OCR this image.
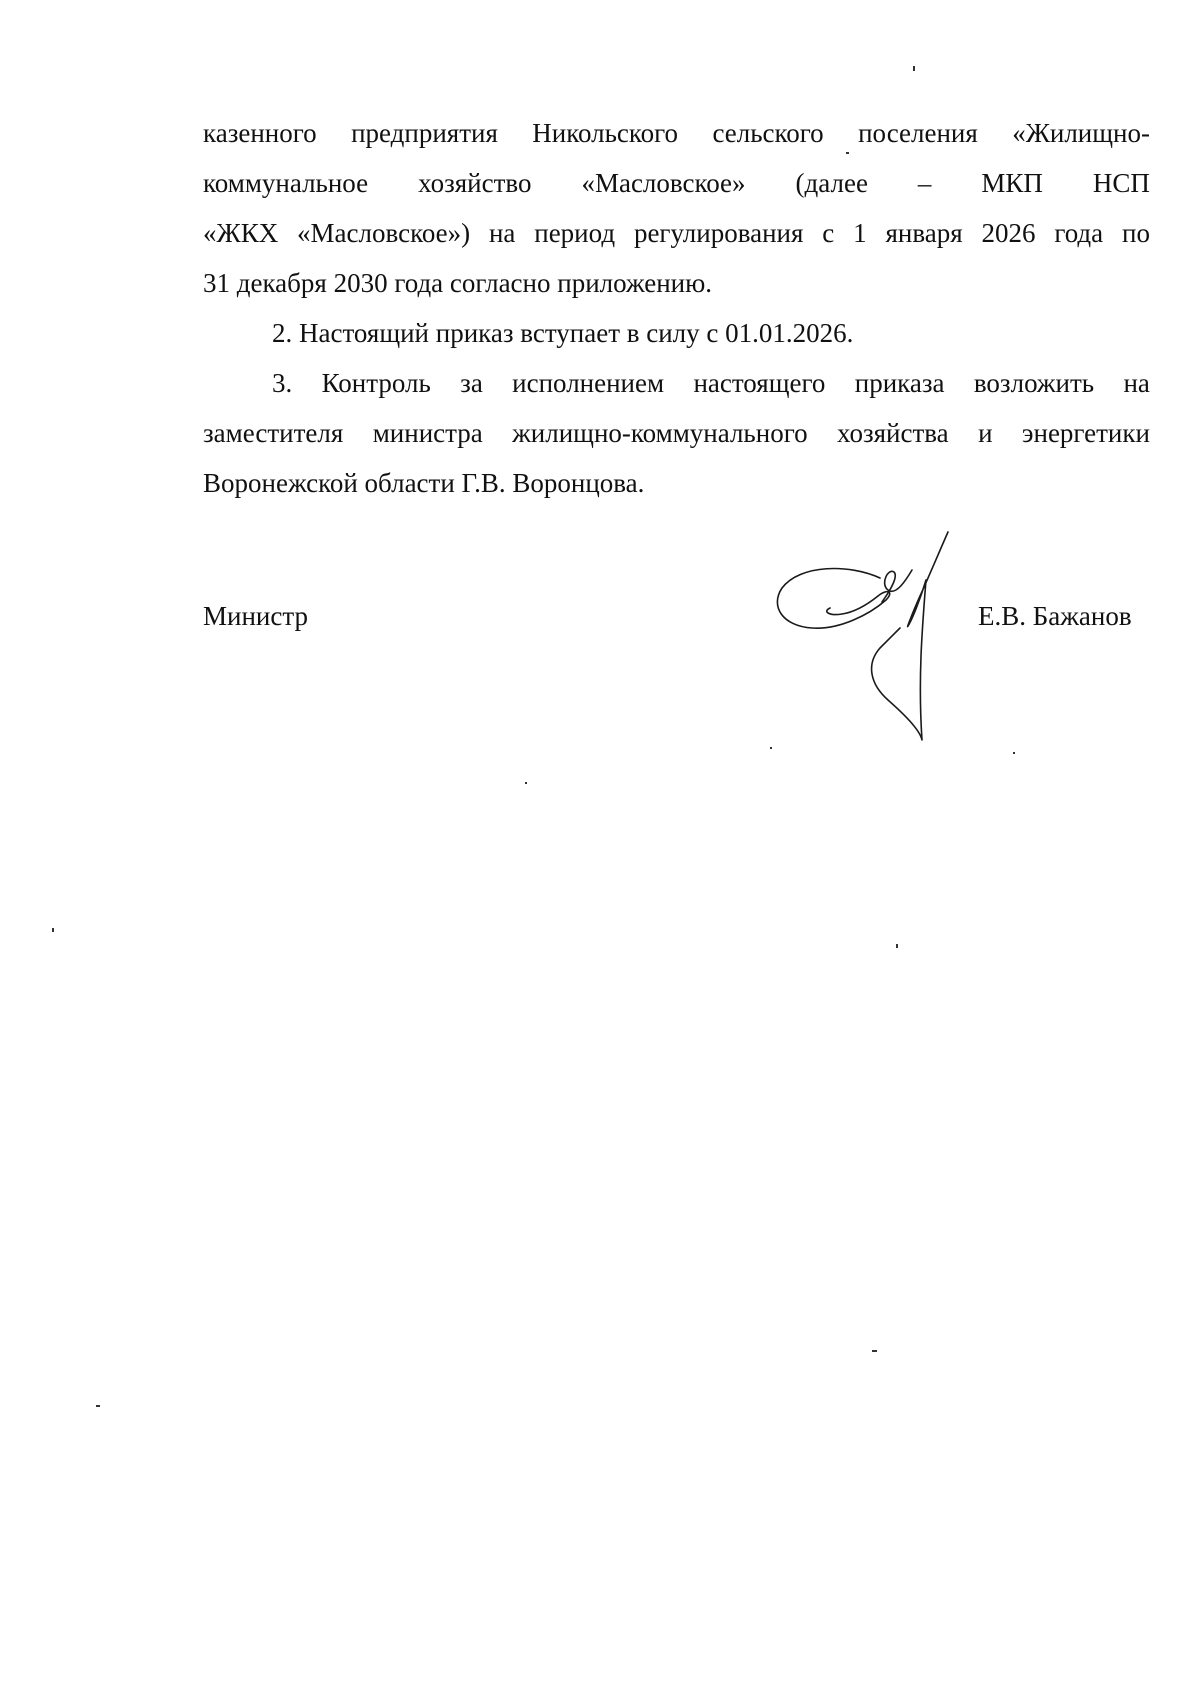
казенного предприятия Никольского сельского поселения «Жилищно-
коммунальное хозяйство «Масловское» (далее – МКП НСП
«ЖКХ «Масловское») на период регулирования с 1 января 2026 года по
31 декабря 2030 года согласно приложению.
2. Настоящий приказ вступает в силу с 01.01.2026.
3. Контроль за исполнением настоящего приказа возложить на
заместителя министра жилищно-коммунального хозяйства и энергетики
Воронежской области Г.В. Воронцова.
Министр	Е.В. Бажанов
